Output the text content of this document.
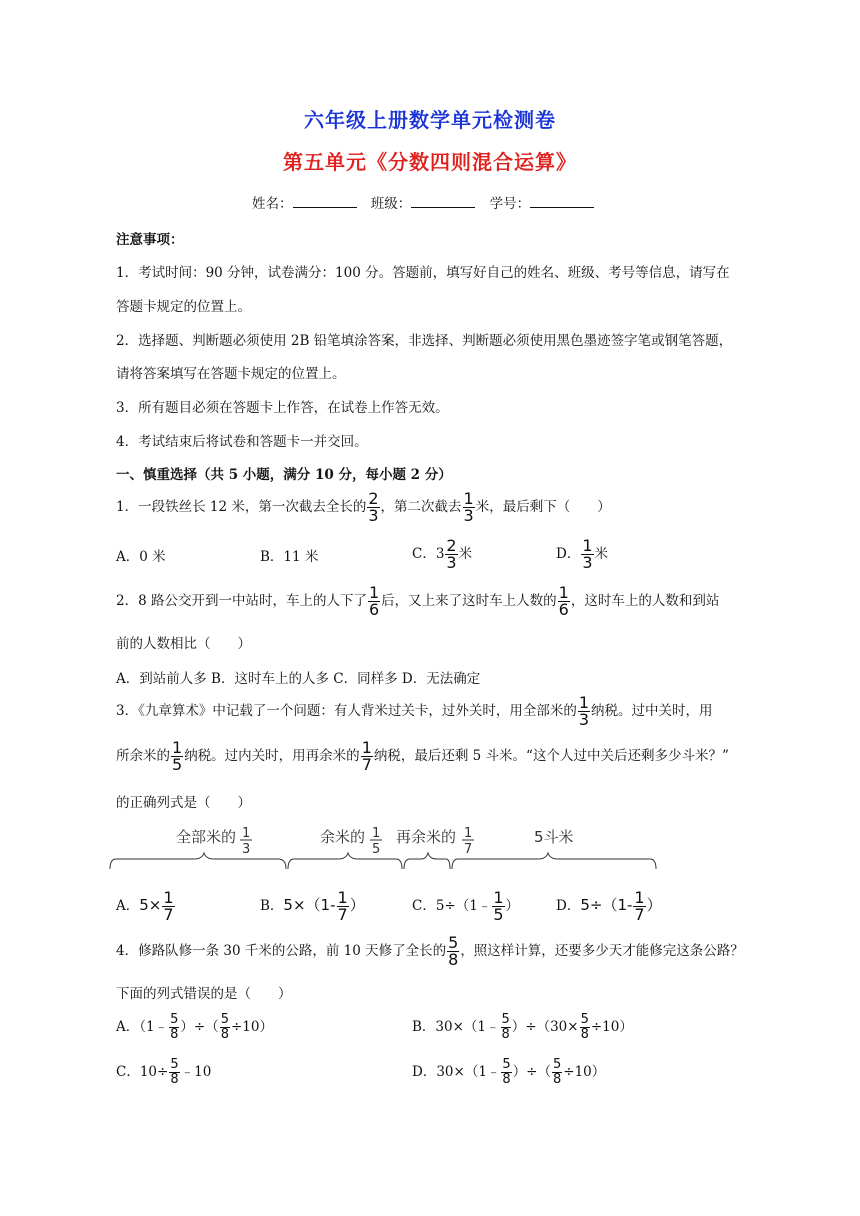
六年级上册数学单元检测卷
第五单元《分数四则混合运算》
姓名：	班级：	学号：
注意事项：
1．考试时间：90 分钟，试卷满分：100 分。答题前，填写好自己的姓名、班级、考号等信息，请写在
答题卡规定的位置上。
2．选择题、判断题必须使用 2B 铅笔填涂答案，非选择、判断题必须使用黑色墨迹签字笔或钢笔答题，
请将答案填写在答题卡规定的位置上。
3．所有题目必须在答题卡上作答，在试卷上作答无效。
4．考试结束后将试卷和答题卡一并交回。
一、慎重选择（共 5 小题，满分 10 分，每小题 2 分）
1．一段铁丝长 12 米，第一次截去全长的 $\frac{2}{3}$ ，第二次截去 $\frac{1}{3}$ 米，最后剩下（　　）
A．0 米	B．11 米	C．$3 \frac{2}{3}$ 米	D． $\frac{1}{3}$ 米
2．8 路公交开到一中站时，车上的人下了 $\frac{1}{6}$ 后，又上来了这时车上人数的 $\frac{1}{6}$ ，这时车上的人数和到站
前的人数相比（　　）
A．到站前人多 B．这时车上的人多 C．同样多 D．无法确定
3．《九章算术》中记载了一个问题：有人背米过关卡，过外关时，用全部米的 $\frac{1}{3}$ 纳税。过中关时，用
所余米的 $\frac{1}{5}$ 纳税。过内关时，用再余米的 $\frac{1}{7}$ 纳税，最后还剩 5 斗米。“这个人过中关后还剩多少斗米？”
的正确列式是（　　）
全部米的 1
3
余米的 1
5
再余米的 1
7
5斗米
A．$5\times \frac{1}{7}$	B．$5\times(1- \frac{1}{7}$ ）	C．5÷（1﹣ $\frac{1}{5}$ ）	D．$5\div(1- \frac{1}{7}$ ）
4．修路队修一条 30 千米的公路，前 10 天修了全长的 $\frac{5}{8}$ ，照这样计算，还要多少天才能修完这条公路？
下面的列式错误的是（　　）
A．（1﹣ $\frac{5}{8}$ ）÷（ $\frac{5}{8} \div 10$）	B．30×（1﹣ $\frac{5}{8} )\div(30\times \frac{5}{8} \div 10)$
C．$10\div \frac{5}{8}$ ﹣10	D．30×（1﹣ $\frac{5}{8}$ ）÷（ $\frac{5}{8} \div 10$）
